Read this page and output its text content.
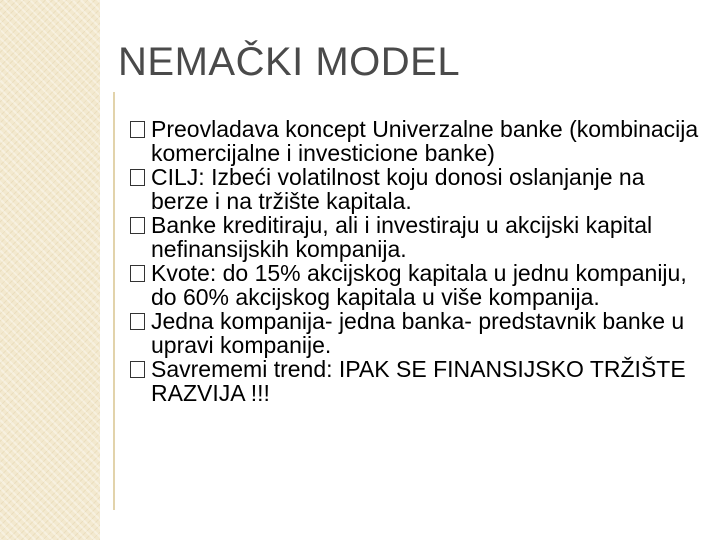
NEMAČKI MODEL
Preovladava koncept Univerzalne banke (kombinacija komercijalne i investicione banke)
CILJ: Izbeći volatilnost koju donosi oslanjanje na berze i na tržište kapitala.
Banke kreditiraju, ali i investiraju u akcijski kapital nefinansijskih kompanija.
Kvote: do 15% akcijskog kapitala u jednu kompaniju, do 60% akcijskog kapitala u više kompanija.
Jedna kompanija- jedna banka- predstavnik banke u upravi kompanije.
Savrememi trend: IPAK SE FINANSIJSKO TRŽIŠTE RAZVIJA !!!
